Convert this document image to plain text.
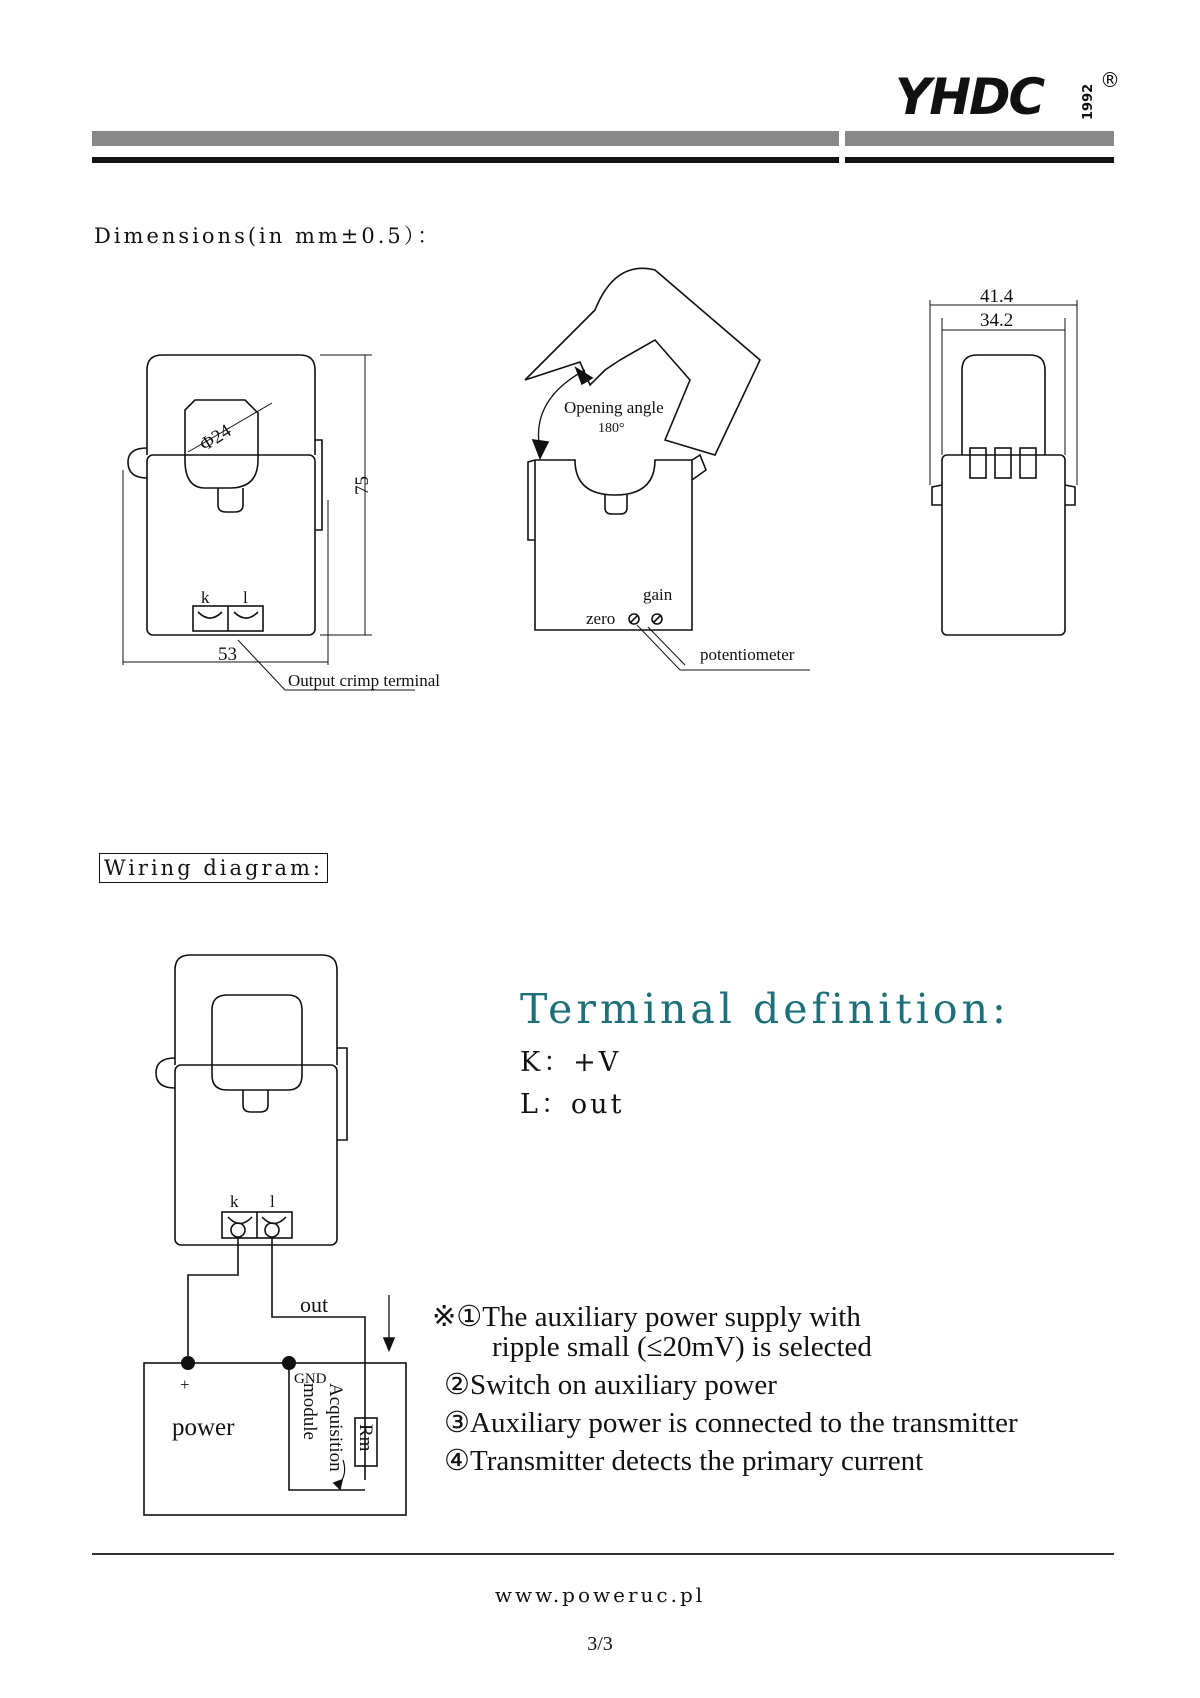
YHDC	1992
®
Dimensions(in mm±0.5）：
Φ24
75
53
k l
Output crimp terminal
Opening angle
180°
gain
zero
potentiometer
41.4
34.2
Wiring diagram:
k l
out
+	GND
power	Acquisition
module Rm
Terminal definition:
K：+V
L：out
※①The auxiliary power supply with
ripple small (≤20mV) is selected
②Switch on auxiliary power
③Auxiliary power is connected to the transmitter
④Transmitter detects the primary current
www.poweruc.pl
3/3
